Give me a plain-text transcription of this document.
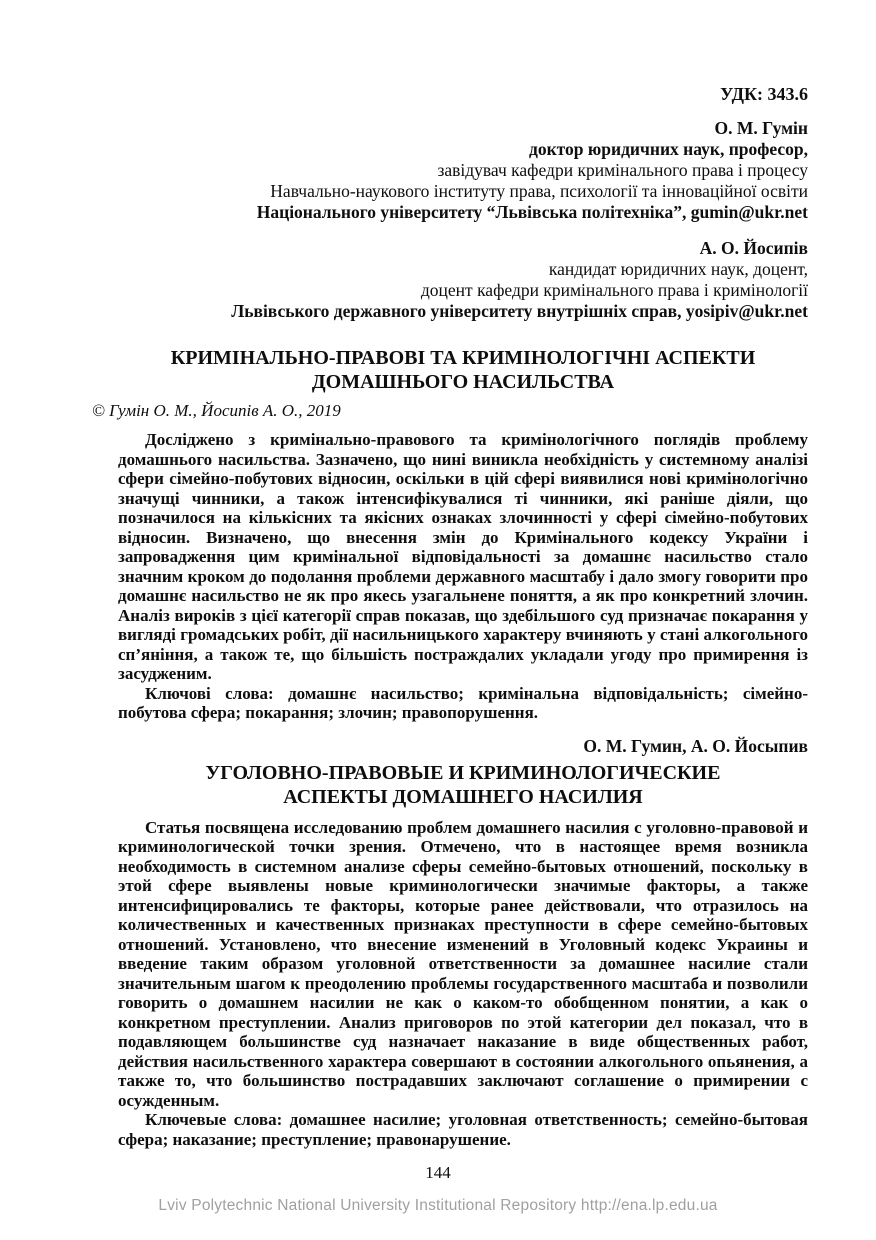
УДК: 343.6
О. М. Гумін
доктор юридичних наук, професор,
завідувач кафедри кримінального права і процесу
Навчально-наукового інституту права, психології та інноваційної освіти
Національного університету “Львівська політехніка”, gumin@ukr.net
А. О. Йосипів
кандидат юридичних наук, доцент,
доцент кафедри кримінального права і кримінології
Львівського державного університету внутрішніх справ, yosipiv@ukr.net
КРИМІНАЛЬНО-ПРАВОВІ ТА КРИМІНОЛОГІЧНІ АСПЕКТИ
ДОМАШНЬОГО НАСИЛЬСТВА
© Гумін О. М., Йосипів А. О., 2019

Досліджено з кримінально-правового та кримінологічного поглядів проблему домашнього насильства. Зазначено, що нині виникла необхідність у системному аналізі сфери сімейно-побутових відносин, оскільки в цій сфері виявилися нові кримінологічно значущі чинники, а також інтенсифікувалися ті чинники, які раніше діяли, що позначилося на кількісних та якісних ознаках злочинності у сфері сімейно-побутових відносин. Визначено, що внесення змін до Кримінального кодексу України і запровадження цим кримінальної відповідальності за домашнє насильство стало значним кроком до подолання проблеми державного масштабу і дало змогу говорити про домашнє насильство не як про якесь узагальнене поняття, а як про конкретний злочин. Аналіз вироків з цієї категорії справ показав, що здебільшого суд призначає покарання у вигляді громадських робіт, дії насильницького характеру вчиняють у стані алкогольного сп’яніння, а також те, що більшість постраждалих укладали угоду про примирення із засудженим.

Ключові слова: домашнє насильство; кримінальна відповідальність; сімейно-побутова сфера; покарання; злочин; правопорушення.

О. М. Гумин, А. О. Йосыпив
УГОЛОВНО-ПРАВОВЫЕ И КРИМИНОЛОГИЧЕСКИЕ
АСПЕКТЫ ДОМАШНЕГО НАСИЛИЯ

Статья посвящена исследованию проблем домашнего насилия с уголовно-правовой и криминологической точки зрения. Отмечено, что в настоящее время возникла необходимость в системном анализе сферы семейно-бытовых отношений, поскольку в этой сфере выявлены новые криминологически значимые факторы, а также интенсифицировались те факторы, которые ранее действовали, что отразилось на количественных и качественных признаках преступности в сфере семейно-бытовых отношений. Установлено, что внесение изменений в Уголовный кодекс Украины и введение таким образом уголовной ответственности за домашнее насилие стали значительным шагом к преодолению проблемы государственного масштаба и позволили говорить о домашнем насилии не как о каком-то обобщенном понятии, а как о конкретном преступлении. Анализ приговоров по этой категории дел показал, что в подавляющем большинстве суд назначает наказание в виде общественных работ, действия насильственного характера совершают в состоянии алкогольного опьянения, а также то, что большинство пострадавших заключают соглашение о примирении с осужденным.

Ключевые слова: домашнее насилие; уголовная ответственность; семейно-бытовая сфера; наказание; преступление; правонарушение.

144
Lviv Polytechnic National University Institutional Repository http://ena.lp.edu.ua
